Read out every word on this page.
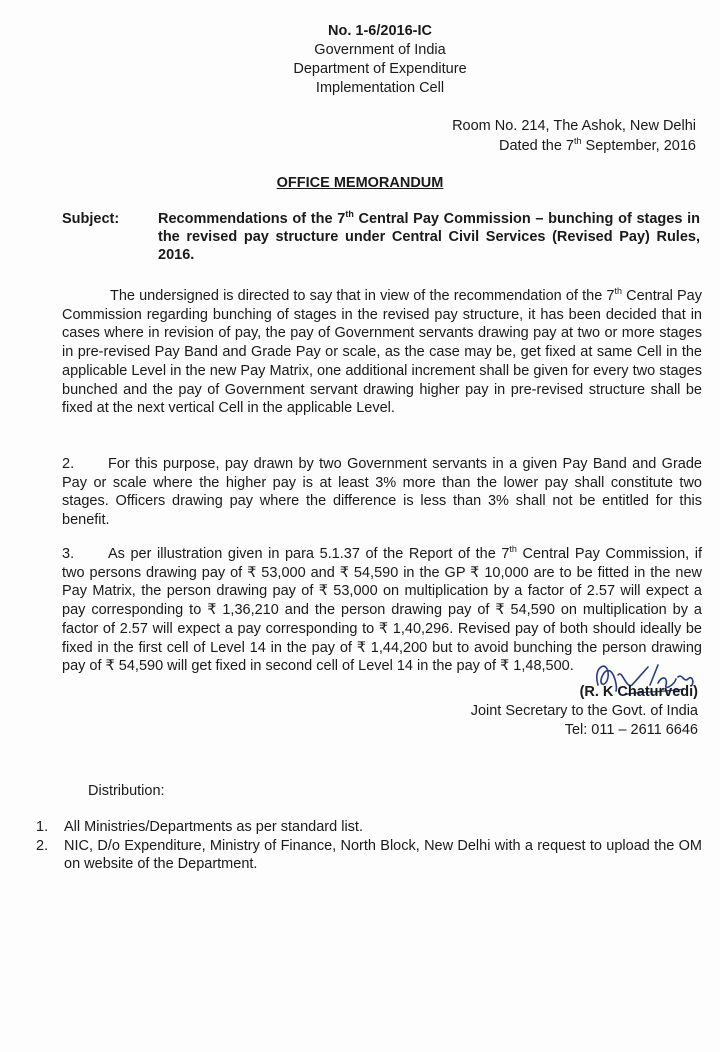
No. 1-6/2016-IC
Government of India
Department of Expenditure
Implementation Cell
Room No. 214, The Ashok, New Delhi
Dated the 7th September, 2016
OFFICE MEMORANDUM
Subject:	Recommendations of the 7th Central Pay Commission – bunching of stages in the revised pay structure under Central Civil Services (Revised Pay) Rules, 2016.
The undersigned is directed to say that in view of the recommendation of the 7th Central Pay Commission regarding bunching of stages in the revised pay structure, it has been decided that in cases where in revision of pay, the pay of Government servants drawing pay at two or more stages in pre-revised Pay Band and Grade Pay or scale, as the case may be, get fixed at same Cell in the applicable Level in the new Pay Matrix, one additional increment shall be given for every two stages bunched and the pay of Government servant drawing higher pay in pre-revised structure shall be fixed at the next vertical Cell in the applicable Level.
2. For this purpose, pay drawn by two Government servants in a given Pay Band and Grade Pay or scale where the higher pay is at least 3% more than the lower pay shall constitute two stages. Officers drawing pay where the difference is less than 3% shall not be entitled for this benefit.
3. As per illustration given in para 5.1.37 of the Report of the 7th Central Pay Commission, if two persons drawing pay of ₹ 53,000 and ₹ 54,590 in the GP ₹ 10,000 are to be fitted in the new Pay Matrix, the person drawing pay of ₹ 53,000 on multiplication by a factor of 2.57 will expect a pay corresponding to ₹ 1,36,210 and the person drawing pay of ₹ 54,590 on multiplication by a factor of 2.57 will expect a pay corresponding to ₹ 1,40,296. Revised pay of both should ideally be fixed in the first cell of Level 14 in the pay of ₹ 1,44,200 but to avoid bunching the person drawing pay of ₹ 54,590 will get fixed in second cell of Level 14 in the pay of ₹ 1,48,500.
(R. K Chaturvedi)
Joint Secretary to the Govt. of India
Tel: 011 – 2611 6646
Distribution:
1. All Ministries/Departments as per standard list.
2. NIC, D/o Expenditure, Ministry of Finance, North Block, New Delhi with a request to upload the OM on website of the Department.
